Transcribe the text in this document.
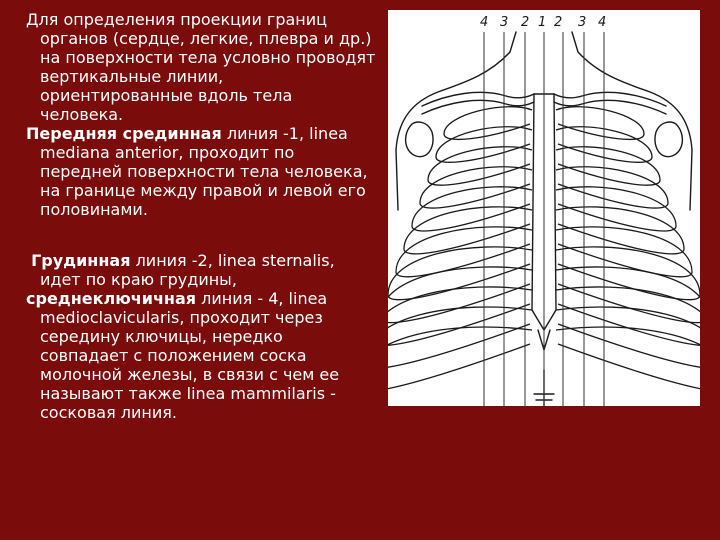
Для определения проекции границ органов (сердце, легкие, плевра и др.) на поверхности тела условно проводят вертикальные линии, ориентированные вдоль тела человека.

Передняя срединная линия -1, linea mediana anterior, проходит по передней поверхности тела человека, на границе между правой и левой его половинами.

Грудинная линия -2, linea sternalis, идет по краю грудины,

среднеключичная линия - 4, linea medioclavicularis, проходит через середину ключицы, нередко совпадает с положением соска молочной железы, в связи с чем ее называют также linea mammilaris - сосковая линия.

4 3 2 1 2 3 4
